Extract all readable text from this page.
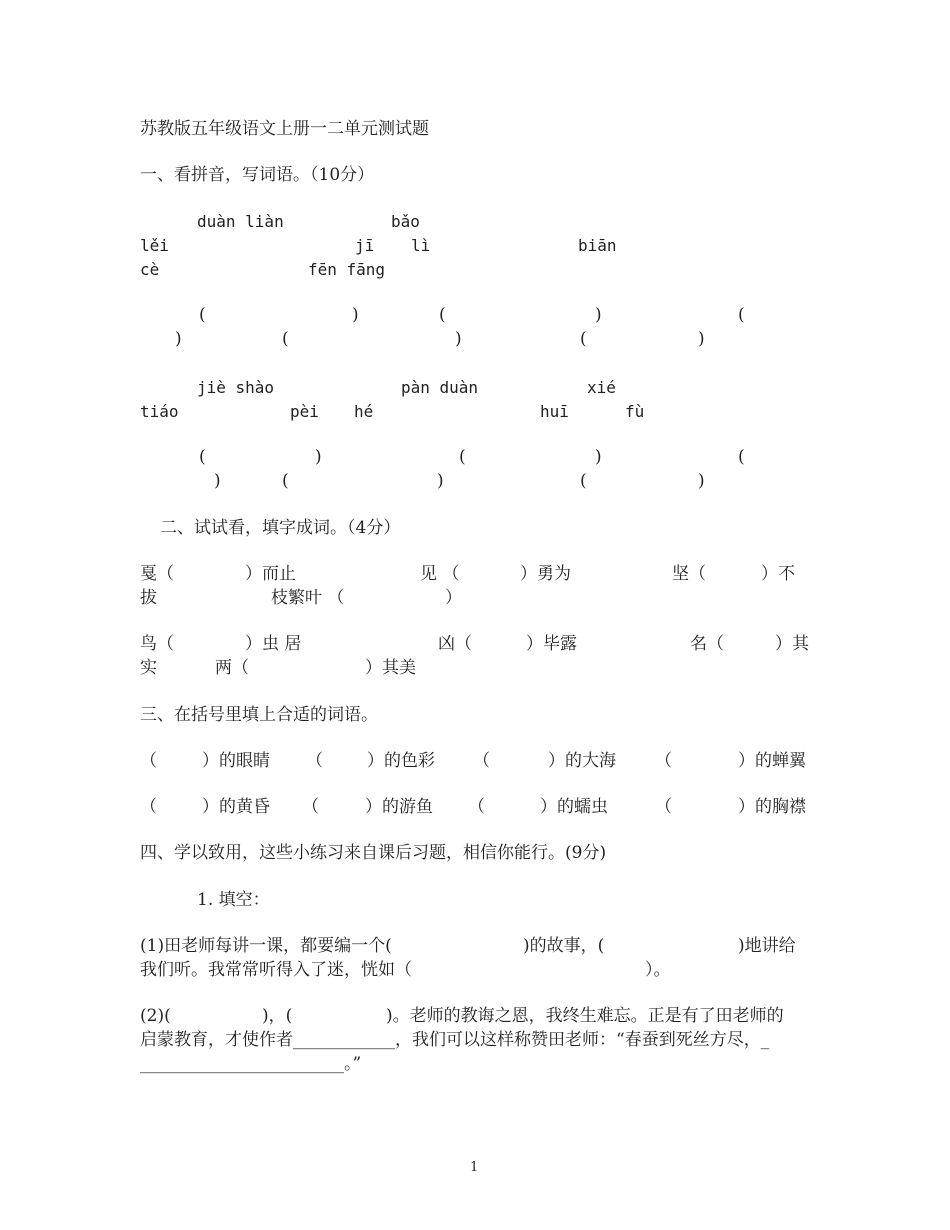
苏教版五年级语文上册一二单元测试题
一、看拼音，写词语。（10分）
duàn liàn	bǎo
lěi	jī lì	biān
cè	fēn fāng
(	)	(	)	(
)	(	)	(	)
jiè shào	pàn duàn	xié
tiáo	pèi hé	huī	fù
(	)	(	)	(
)	(	)	(	)
二、试试看，填字成词。（4分）
戛（	）而止	见 （	）勇为	坚（	）不
拔	枝繁叶 （	）
鸟（	）虫 居	凶（	）毕露	名（	）其
实	两（	）其美
三、在括号里填上合适的词语。
（	）的眼睛 （	）的色彩 （	）的大海 （	）的蝉翼
（	）的黄昏 （	）的游鱼 （	）的蠕虫	（	）的胸襟
四、学以致用，这些小练习来自课后习题，相信你能行。(9分)
1. 填空：
(1)田老师每讲一课，都要编一个(	)的故事，(	)地讲给
我们听。我常常听得入了迷，恍如（	）。
(2)(	)，(	)。老师的教诲之恩，我终生难忘。正是有了田老师的
启蒙教育，才使作者____________，我们可以这样称赞田老师：“春蚕到死丝方尽，_
________________________。”
1
